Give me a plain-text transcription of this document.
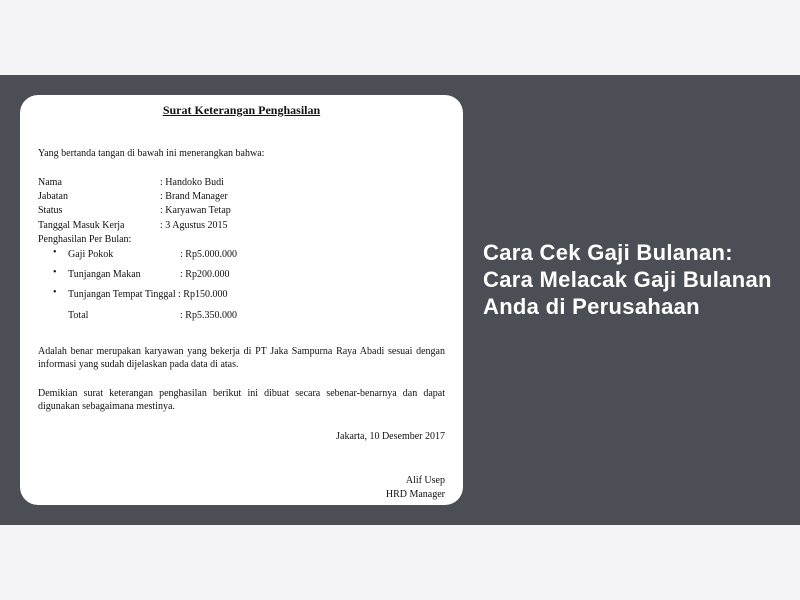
Surat Keterangan Penghasilan
Yang bertanda tangan di bawah ini menerangkan bahwa:
Nama	: Handoko Budi
Jabatan	: Brand Manager
Status	: Karyawan Tetap
Tanggal Masuk Kerja	: 3 Agustus 2015
Penghasilan Per Bulan:
• Gaji Pokok	: Rp5.000.000
• Tunjangan Makan	: Rp200.000
• Tunjangan Tempat Tinggal : Rp150.000
Total	: Rp5.350.000
Adalah benar merupakan karyawan yang bekerja di PT Jaka Sampurna Raya Abadi sesuai dengan informasi yang sudah dijelaskan pada data di atas.
Demikian surat keterangan penghasilan berikut ini dibuat secara sebenar-benarnya dan dapat digunakan sebagaimana mestinya.
Jakarta, 10 Desember 2017
Alif Usep
HRD Manager
Cara Cek Gaji Bulanan: Cara Melacak Gaji Bulanan Anda di Perusahaan
